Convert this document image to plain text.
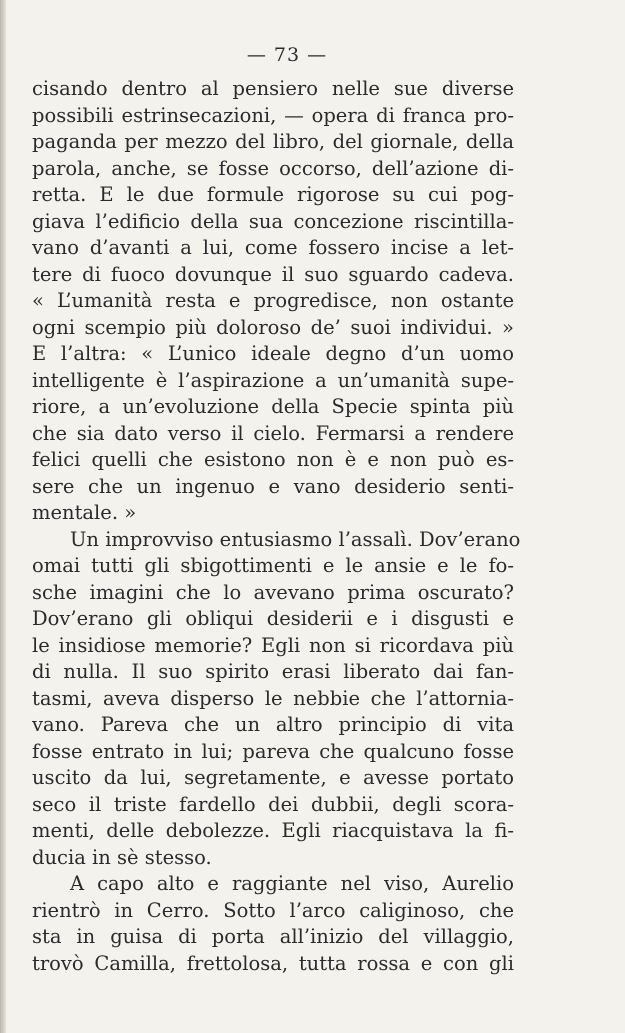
— 73 —
cisando dentro al pensiero nelle sue diverse
possibili estrinsecazioni, — opera di franca pro-
paganda per mezzo del libro, del giornale, della
parola, anche, se fosse occorso, dell’azione di-
retta. E le due formule rigorose su cui pog-
giava l’edificio della sua concezione riscintilla-
vano d’avanti a lui, come fossero incise a let-
tere di fuoco dovunque il suo sguardo cadeva.
« L’umanità resta e progredisce, non ostante
ogni scempio più doloroso de’ suoi individui. »
E l’altra: « L’unico ideale degno d’un uomo
intelligente è l’aspirazione a un’umanità supe-
riore, a un’evoluzione della Specie spinta più
che sia dato verso il cielo. Fermarsi a rendere
felici quelli che esistono non è e non può es-
sere che un ingenuo e vano desiderio senti-
mentale. »
Un improvviso entusiasmo l’assalì. Dov’erano
omai tutti gli sbigottimenti e le ansie e le fo-
sche imagini che lo avevano prima oscurato?
Dov’erano gli obliqui desiderii e i disgusti e
le insidiose memorie? Egli non si ricordava più
di nulla. Il suo spirito erasi liberato dai fan-
tasmi, aveva disperso le nebbie che l’attornia-
vano. Pareva che un altro principio di vita
fosse entrato in lui; pareva che qualcuno fosse
uscito da lui, segretamente, e avesse portato
seco il triste fardello dei dubbii, degli scora-
menti, delle debolezze. Egli riacquistava la fi-
ducia in sè stesso.
A capo alto e raggiante nel viso, Aurelio
rientrò in Cerro. Sotto l’arco caliginoso, che
sta in guisa di porta all’inizio del villaggio,
trovò Camilla, frettolosa, tutta rossa e con gli
